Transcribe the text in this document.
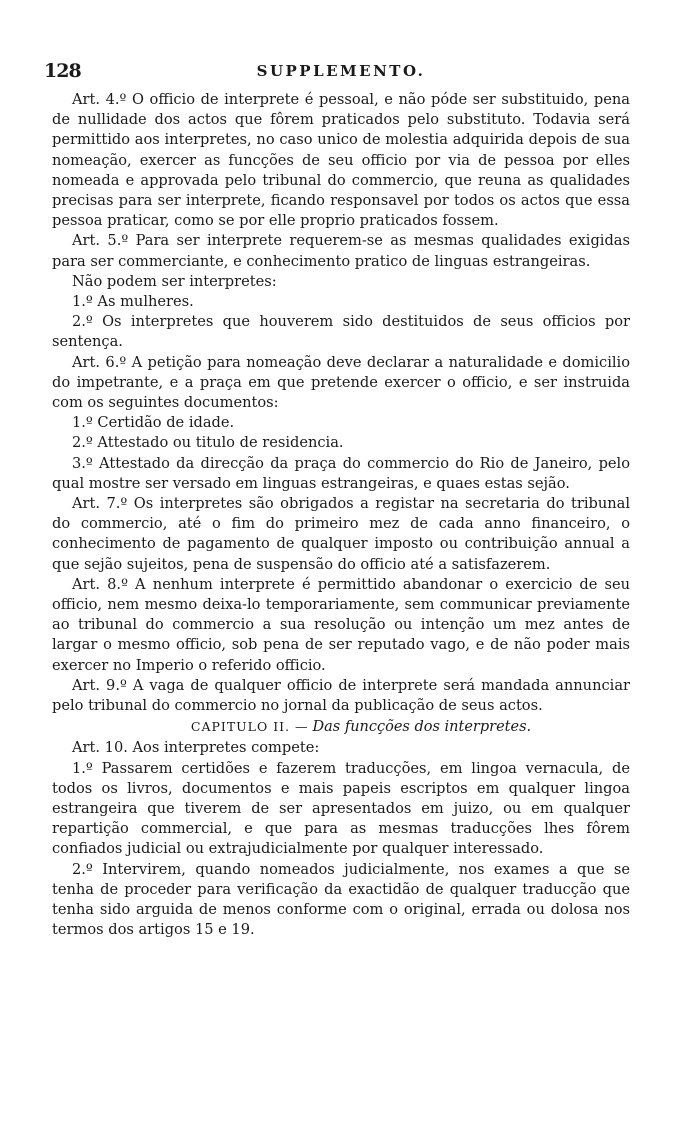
128	SUPPLEMENTO.

Art. 4.º O officio de interprete é pessoal, e não póde ser substituido, pena de nullidade dos actos que fôrem praticados pelo substituto. Todavia será permittido aos interpretes, no caso unico de molestia adquirida depois de sua nomeação, exercer as funcções de seu officio por via de pessoa por elles nomeada e approvada pelo tribunal do commercio, que reuna as qualidades precisas para ser interprete, ficando responsavel por todos os actos que essa pessoa praticar, como se por elle proprio praticados fossem.

Art. 5.º Para ser interprete requerem-se as mesmas qualidades exigidas para ser commerciante, e conhecimento pratico de linguas estrangeiras.

Não podem ser interpretes:

1.º As mulheres.

2.º Os interpretes que houverem sido destituidos de seus officios por sentença.

Art. 6.º A petição para nomeação deve declarar a naturalidade e domicilio do impetrante, e a praça em que pretende exercer o officio, e ser instruida com os seguintes documentos:

1.º Certidão de idade.

2.º Attestado ou titulo de residencia.

3.º Attestado da direcção da praça do commercio do Rio de Janeiro, pelo qual mostre ser versado em linguas estrangeiras, e quaes estas sejão.

Art. 7.º Os interpretes são obrigados a registar na secretaria do tribunal do commercio, até o fim do primeiro mez de cada anno financeiro, o conhecimento de pagamento de qualquer imposto ou contribuição annual a que sejão sujeitos, pena de suspensão do officio até a satisfazerem.

Art. 8.º A nenhum interprete é permittido abandonar o exercicio de seu officio, nem mesmo deixa-lo temporariamente, sem communicar previamente ao tribunal do commercio a sua resolução ou intenção um mez antes de largar o mesmo officio, sob pena de ser reputado vago, e de não poder mais exercer no Imperio o referido officio.

Art. 9.º A vaga de qualquer officio de interprete será mandada annunciar pelo tribunal do commercio no jornal da publicação de seus actos.

CAPITULO II. — Das funcções dos interpretes.

Art. 10. Aos interpretes compete:

1.º Passarem certidões e fazerem traducções, em lingoa vernacula, de todos os livros, documentos e mais papeis escriptos em qualquer lingoa estrangeira que tiverem de ser apresentados em juizo, ou em qualquer repartição commercial, e que para as mesmas traducções lhes fôrem confiados judicial ou extrajudicialmente por qualquer interessado.

2.º Intervirem, quando nomeados judicialmente, nos exames a que se tenha de proceder para verificação da exactidão de qualquer traducção que tenha sido arguida de menos conforme com o original, errada ou dolosa nos termos dos artigos 15 e 19.
